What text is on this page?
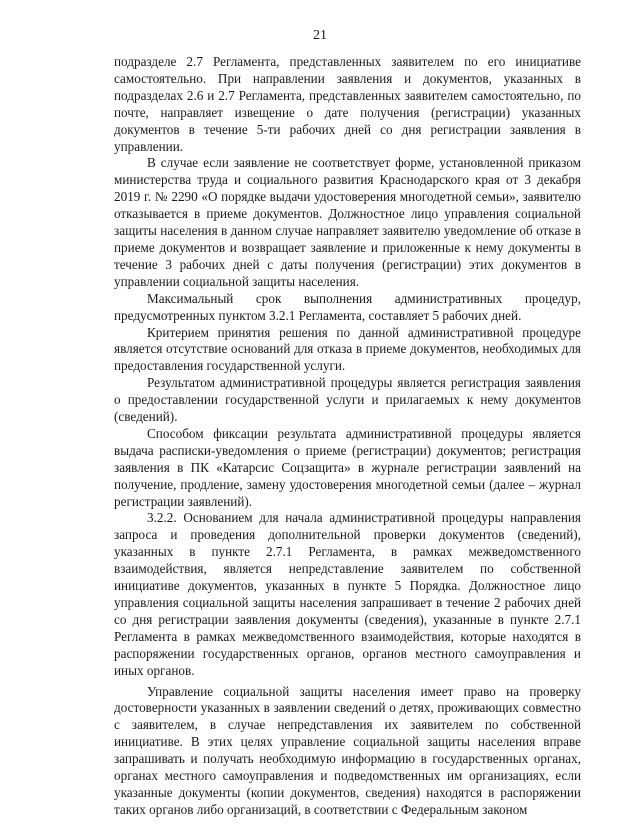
21

подразделе 2.7 Регламента, представленных заявителем по его инициативе самостоятельно. При направлении заявления и документов, указанных в подразделах 2.6 и 2.7 Регламента, представленных заявителем самостоятельно, по почте, направляет извещение о дате получения (регистрации) указанных документов в течение 5-ти рабочих дней со дня регистрации заявления в управлении.

В случае если заявление не соответствует форме, установленной приказом министерства труда и социального развития Краснодарского края от 3 декабря 2019 г. № 2290 «О порядке выдачи удостоверения многодетной семьи», заявителю отказывается в приеме документов. Должностное лицо управления социальной защиты населения в данном случае направляет заявителю уведомление об отказе в приеме документов и возвращает заявление и приложенные к нему документы в течение 3 рабочих дней с даты получения (регистрации) этих документов в управлении социальной защиты населения.

Максимальный срок выполнения административных процедур, предусмотренных пунктом 3.2.1 Регламента, составляет 5 рабочих дней.

Критерием принятия решения по данной административной процедуре является отсутствие оснований для отказа в приеме документов, необходимых для предоставления государственной услуги.

Результатом административной процедуры является регистрация заявления о предоставлении государственной услуги и прилагаемых к нему документов (сведений).

Способом фиксации результата административной процедуры является выдача расписки-уведомления о приеме (регистрации) документов; регистрация заявления в ПК «Катарсис Соцзащита» в журнале регистрации заявлений на получение, продление, замену удостоверения многодетной семьи (далее – журнал регистрации заявлений).

3.2.2. Основанием для начала административной процедуры направления запроса и проведения дополнительной проверки документов (сведений), указанных в пункте 2.7.1 Регламента, в рамках межведомственного взаимодействия, является непредставление заявителем по собственной инициативе документов, указанных в пункте 5 Порядка. Должностное лицо управления социальной защиты населения запрашивает в течение 2 рабочих дней со дня регистрации заявления документы (сведения), указанные в пункте 2.7.1 Регламента в рамках межведомственного взаимодействия, которые находятся в распоряжении государственных органов, органов местного самоуправления и иных органов.

Управление социальной защиты населения имеет право на проверку достоверности указанных в заявлении сведений о детях, проживающих совместно с заявителем, в случае непредставления их заявителем по собственной инициативе. В этих целях управление социальной защиты населения вправе запрашивать и получать необходимую информацию в государственных органах, органах местного самоуправления и подведомственных им организациях, если указанные документы (копии документов, сведения) находятся в распоряжении таких органов либо организаций, в соответствии с Федеральным законом
